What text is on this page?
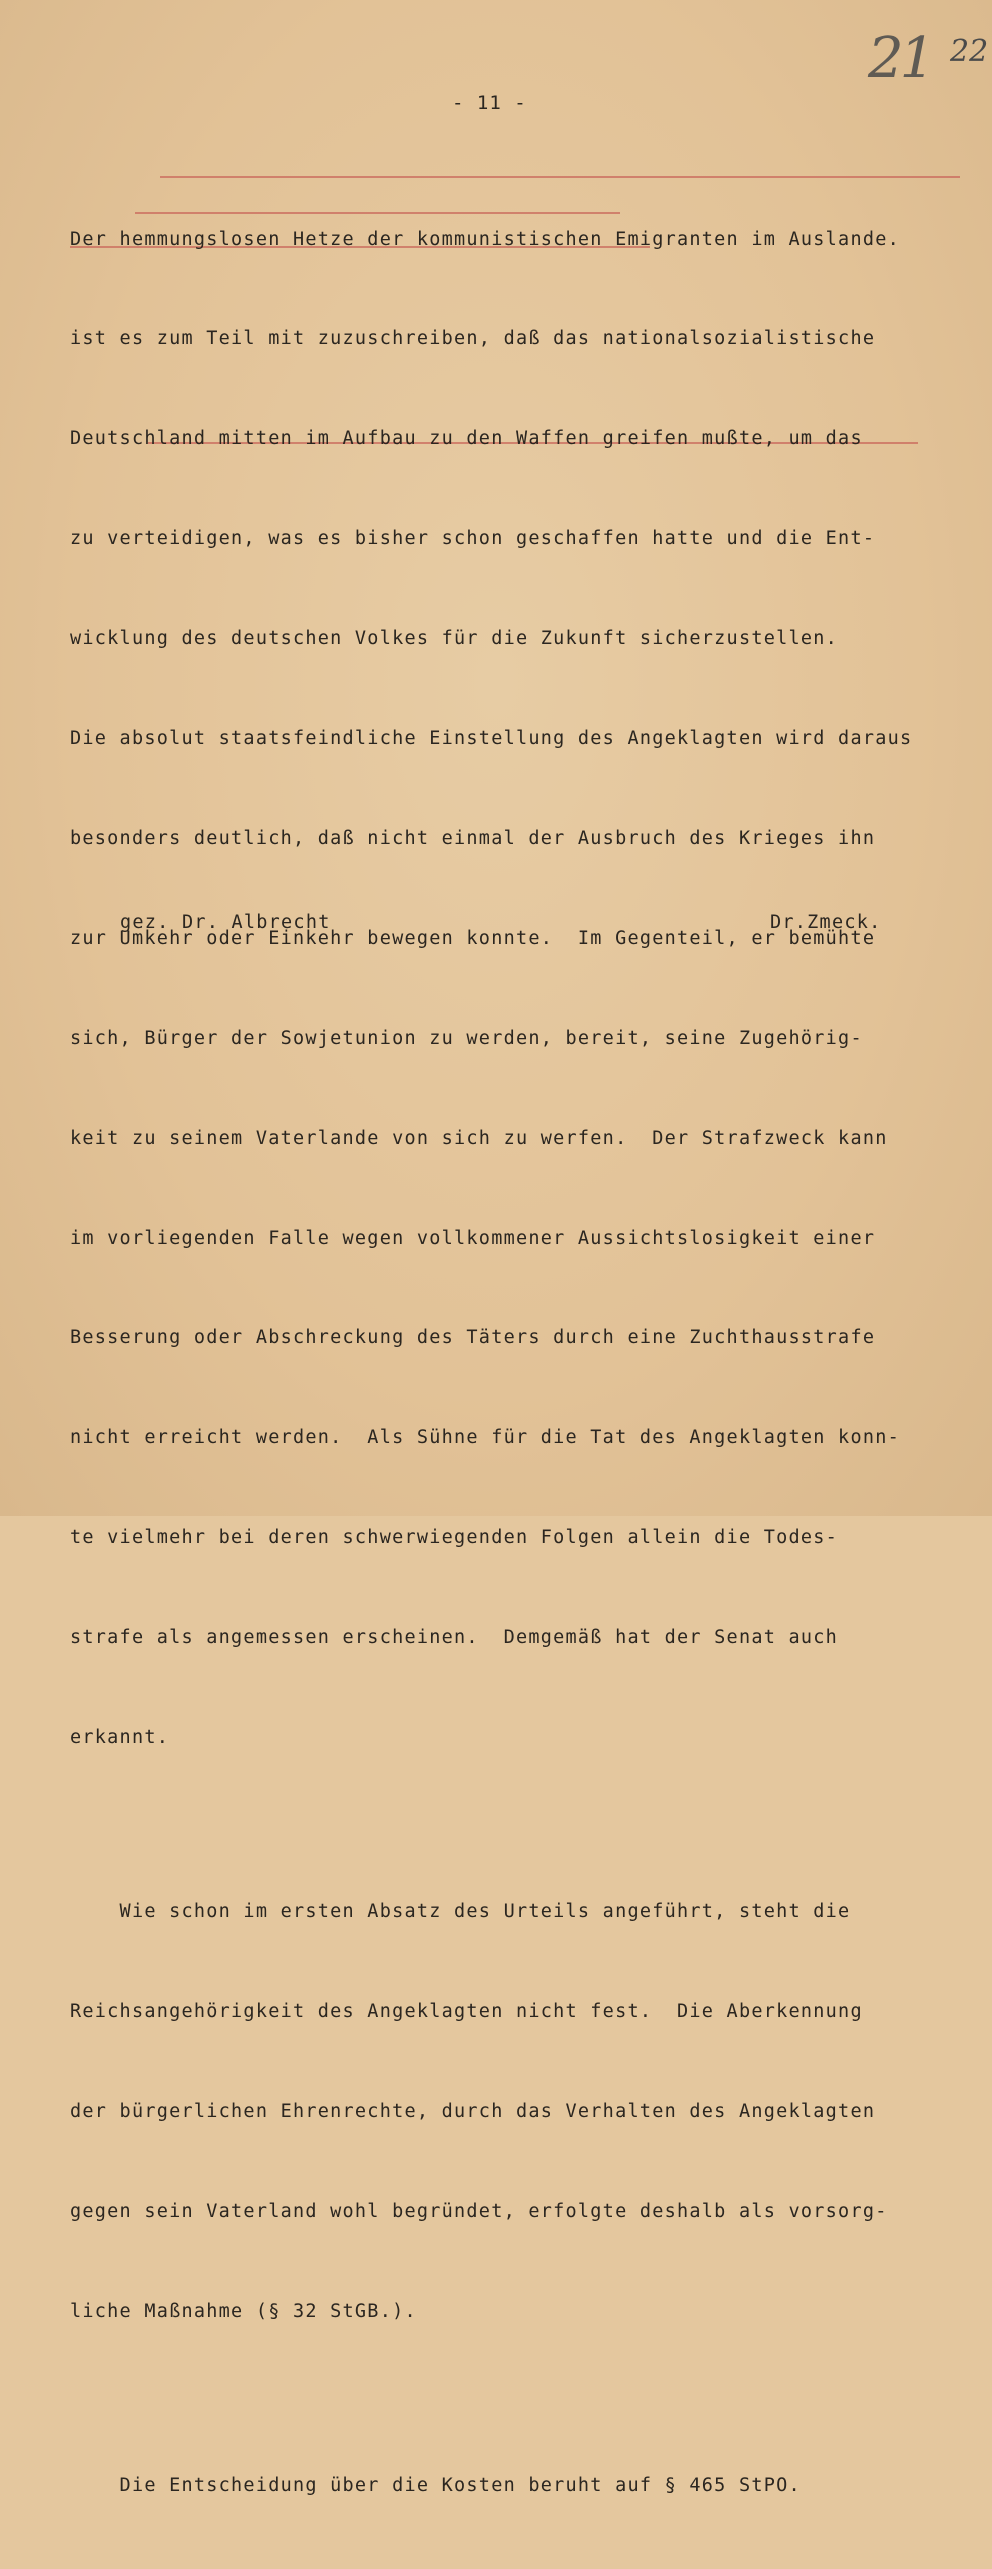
21 22
- 11 -

Der hemmungslosen Hetze der kommunistischen Emigranten im Auslande.

ist es zum Teil mit zuzuschreiben, daß das nationalsozialistische

Deutschland mitten im Aufbau zu den Waffen greifen mußte, um das

zu verteidigen, was es bisher schon geschaffen hatte und die Ent-

wicklung des deutschen Volkes für die Zukunft sicherzustellen.

Die absolut staatsfeindliche Einstellung des Angeklagten wird daraus

besonders deutlich, daß nicht einmal der Ausbruch des Krieges ihn

zur Umkehr oder Einkehr bewegen konnte.  Im Gegenteil, er bemühte

sich, Bürger der Sowjetunion zu werden, bereit, seine Zugehörig-

keit zu seinem Vaterlande von sich zu werfen.  Der Strafzweck kann

im vorliegenden Falle wegen vollkommener Aussichtslosigkeit einer

Besserung oder Abschreckung des Täters durch eine Zuchthausstrafe

nicht erreicht werden.  Als Sühne für die Tat des Angeklagten konn-

te vielmehr bei deren schwerwiegenden Folgen allein die Todes-

strafe als angemessen erscheinen.  Demgemäß hat der Senat auch

erkannt.

Wie schon im ersten Absatz des Urteils angeführt, steht die

Reichsangehörigkeit des Angeklagten nicht fest.  Die Aberkennung

der bürgerlichen Ehrenrechte, durch das Verhalten des Angeklagten

gegen sein Vaterland wohl begründet, erfolgte deshalb als vorsorg-

liche Maßnahme (§ 32 StGB.).

Die Entscheidung über die Kosten beruht auf § 465 StPO.

gez. Dr. Albrecht	Dr.Zmeck.
